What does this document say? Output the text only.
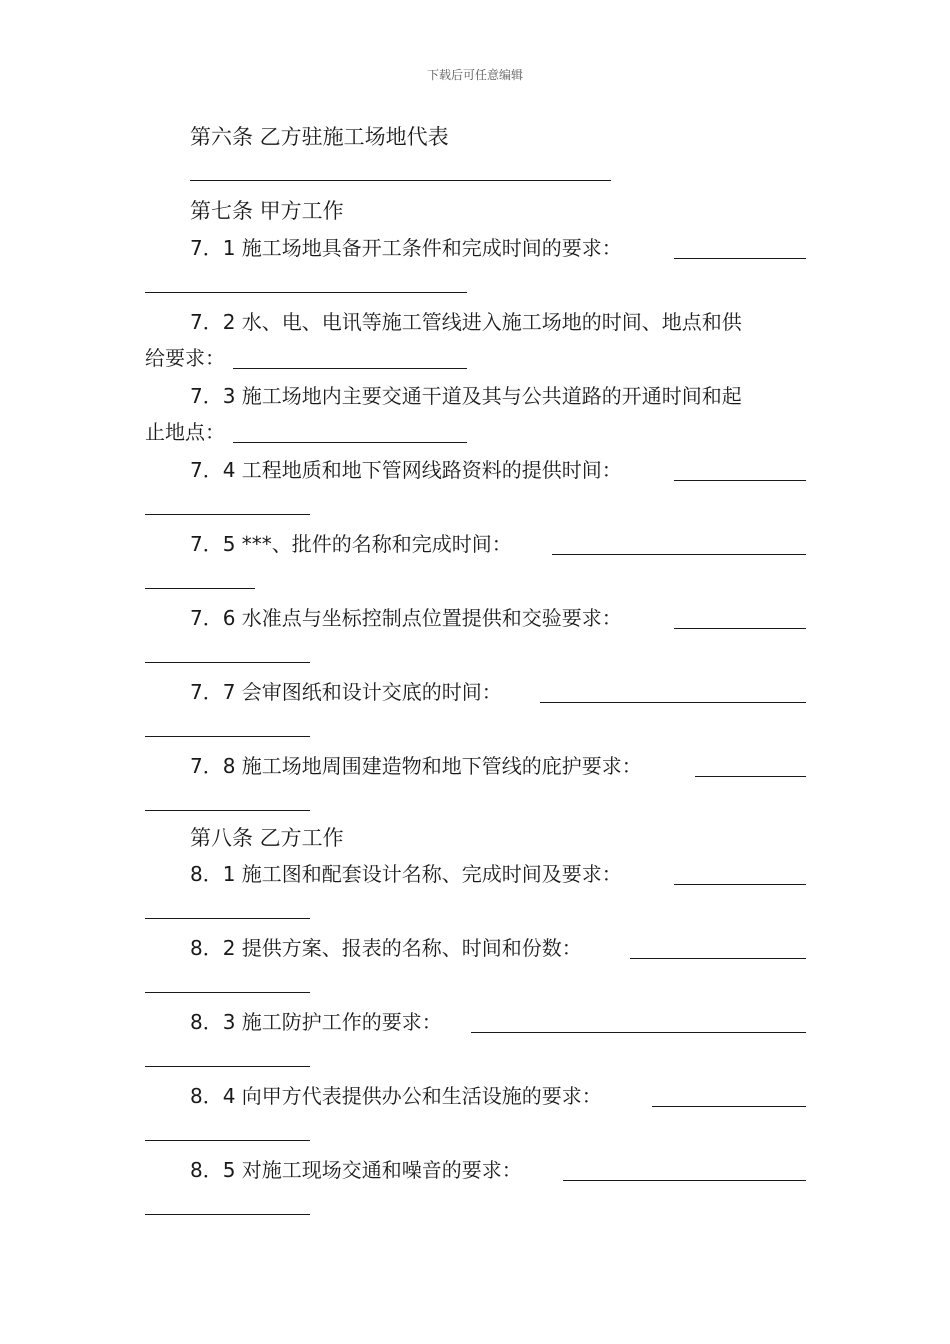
下载后可任意编辑
第六条 乙方驻施工场地代表
第七条 甲方工作
7．1 施工场地具备开工条件和完成时间的要求：
7．2 水、电、电讯等施工管线进入施工场地的时间、地点和供
给要求：
7．3 施工场地内主要交通干道及其与公共道路的开通时间和起
止地点：
7．4 工程地质和地下管网线路资料的提供时间：
7．5 ***、批件的名称和完成时间：
7．6 水准点与坐标控制点位置提供和交验要求：
7．7 会审图纸和设计交底的时间：
7．8 施工场地周围建造物和地下管线的庇护要求：
第八条 乙方工作
8．1 施工图和配套设计名称、完成时间及要求：
8．2 提供方案、报表的名称、时间和份数：
8．3 施工防护工作的要求：
8．4 向甲方代表提供办公和生活设施的要求：
8．5 对施工现场交通和噪音的要求：
